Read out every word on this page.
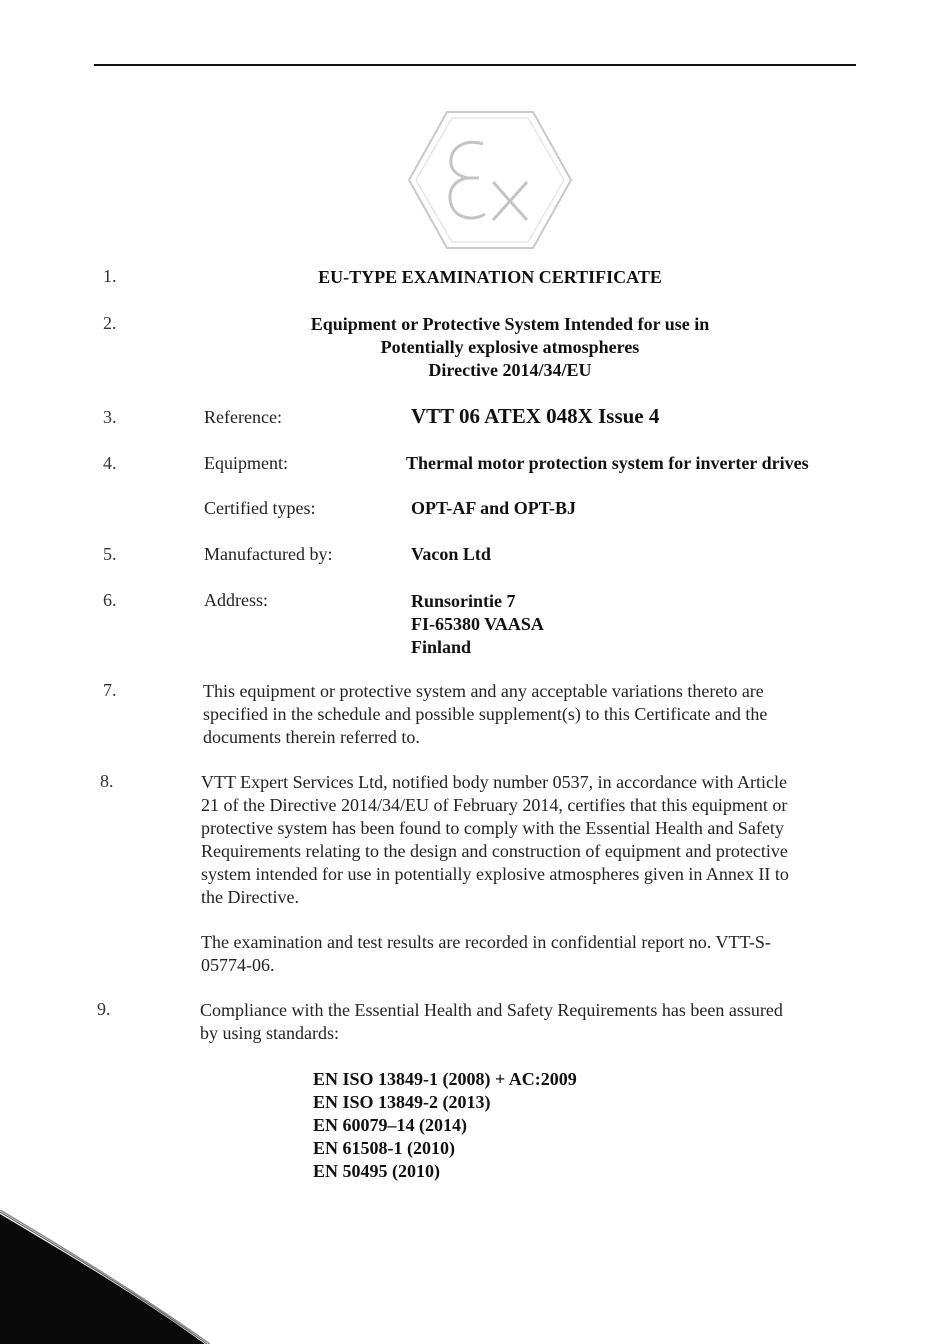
1.	EU-TYPE EXAMINATION CERTIFICATE
2.	Equipment or Protective System Intended for use in
Potentially explosive atmospheres
Directive 2014/34/EU
3.	Reference:	VTT 06 ATEX 048X Issue 4
4.	Equipment:	Thermal motor protection system for inverter drives
Certified types:	OPT-AF and OPT-BJ
5.	Manufactured by:	Vacon Ltd
6.	Address:	Runsorintie 7
FI-65380 VAASA
Finland
7.	This equipment or protective system and any acceptable variations thereto are
specified in the schedule and possible supplement(s) to this Certificate and the
documents therein referred to.
8.	VTT Expert Services Ltd, notified body number 0537, in accordance with Article
21 of the Directive 2014/34/EU of February 2014, certifies that this equipment or
protective system has been found to comply with the Essential Health and Safety
Requirements relating to the design and construction of equipment and protective
system intended for use in potentially explosive atmospheres given in Annex II to
the Directive.
The examination and test results are recorded in confidential report no. VTT-S-
05774-06.
9.	Compliance with the Essential Health and Safety Requirements has been assured
by using standards:
EN ISO 13849-1 (2008) + AC:2009
EN ISO 13849-2 (2013)
EN 60079–14 (2014)
EN 61508-1 (2010)
EN 50495 (2010)
